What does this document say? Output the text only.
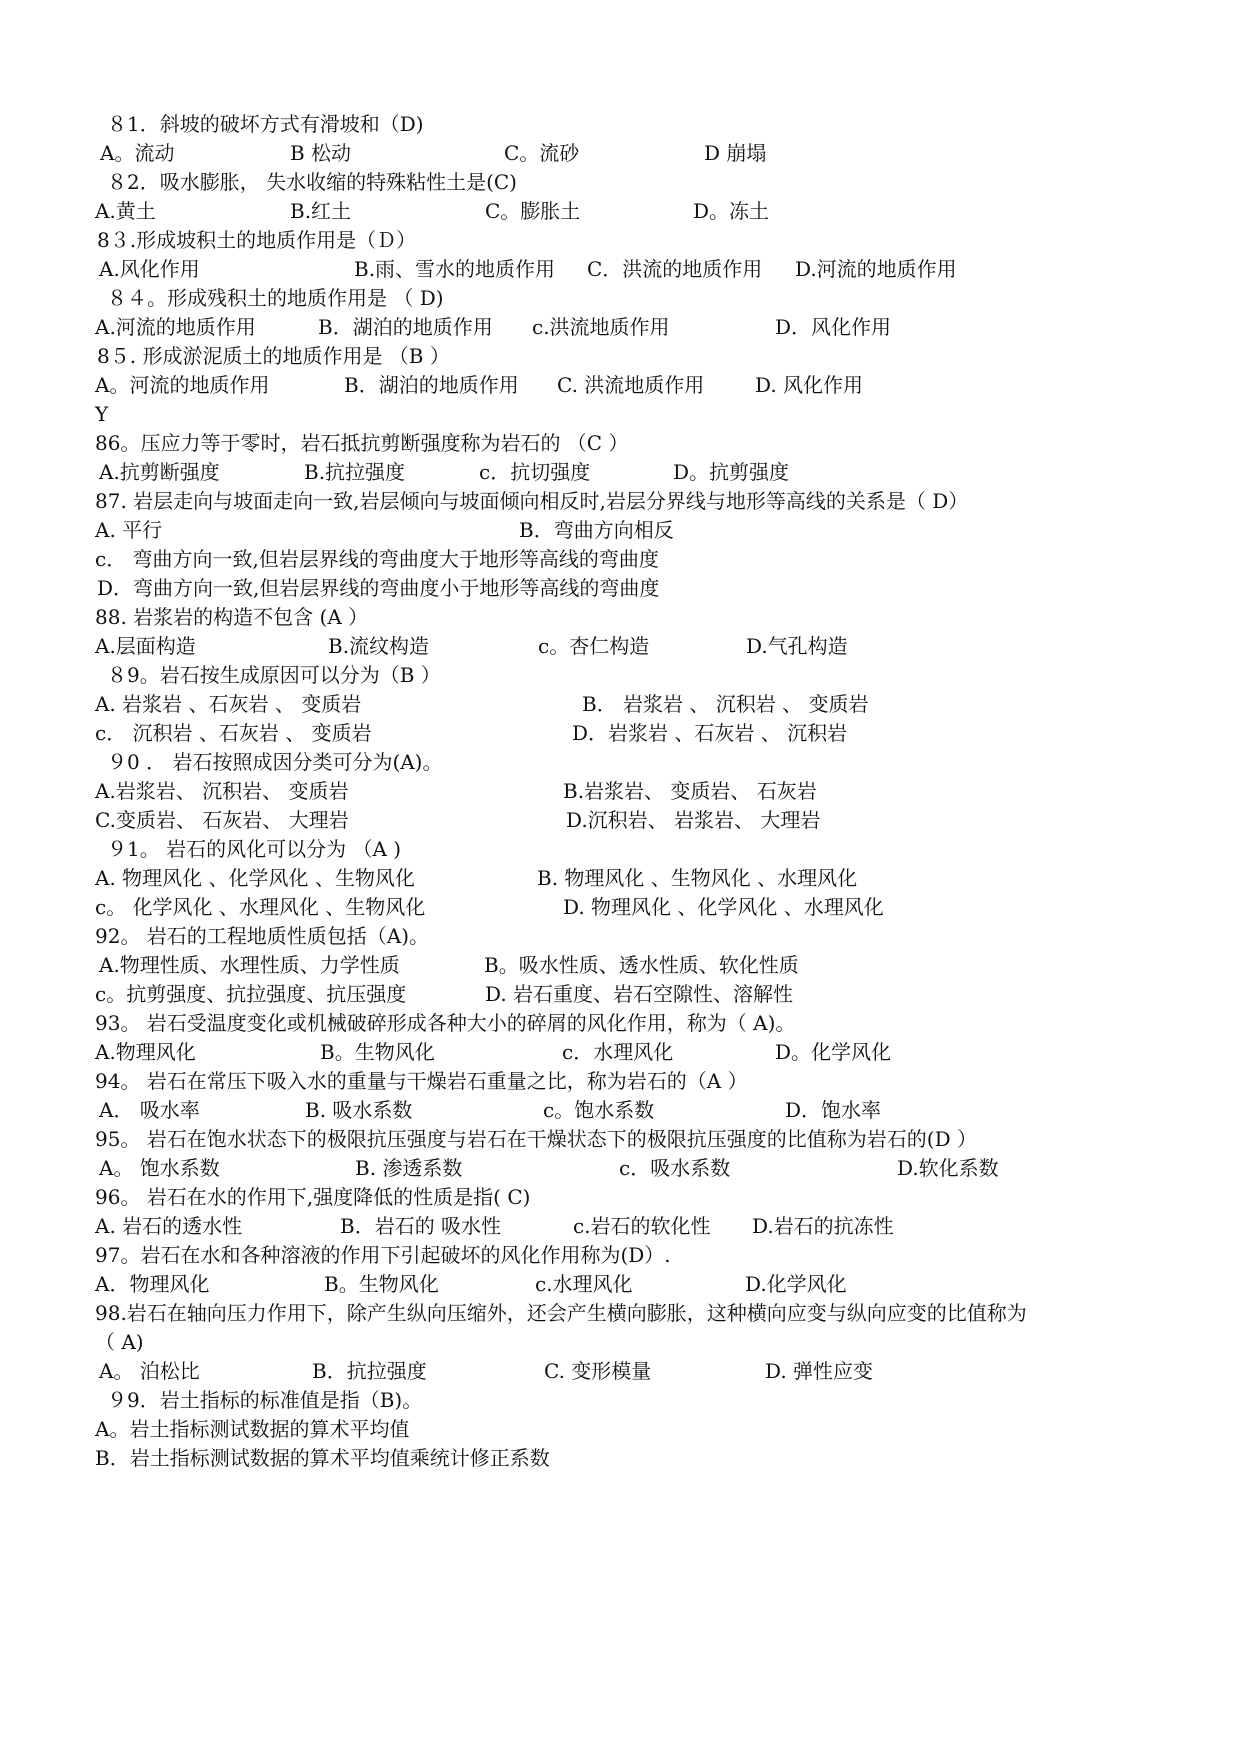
８1．斜坡的破坏方式有滑坡和（D)
A。流动	B 松动	C。流砂	D 崩塌
８2．吸水膨胀， 失水收缩的特殊粘性土是(C)
A.黄土	B.红土	C。膨胀土	D。冻土
8３.形成坡积土的地质作用是（Ｄ）
A.风化作用	B.雨、雪水的地质作用 C．洪流的地质作用 D.河流的地质作用
８４。形成残积土的地质作用是 （ D)
A.河流的地质作用	B．湖泊的地质作用 c.洪流地质作用	D．风化作用
8５. 形成淤泥质土的地质作用是 （B ）
A。河流的地质作用	B．湖泊的地质作用 C. 洪流地质作用	D. 风化作用
Y
86。压应力等于零时，岩石抵抗剪断强度称为岩石的 （C ）
A.抗剪断强度	B.抗拉强度	c．抗切强度	D。抗剪强度
87. 岩层走向与坡面走向一致,岩层倾向与坡面倾向相反时,岩层分界线与地形等高线的关系是（ D）
A. 平行	B．弯曲方向相反
c． 弯曲方向一致,但岩层界线的弯曲度大于地形等高线的弯曲度
D．弯曲方向一致,但岩层界线的弯曲度小于地形等高线的弯曲度
88. 岩浆岩的构造不包含 (A ）
A.层面构造	B.流纹构造	c。杏仁构造	D.气孔构造
８9。岩石按生成原因可以分为（B ）
A. 岩浆岩 、石灰岩 、 变质岩	B． 岩浆岩 、 沉积岩 、 变质岩
c． 沉积岩 、石灰岩 、 变质岩	D．岩浆岩 、石灰岩 、 沉积岩
９0 ． 岩石按照成因分类可分为(A)。
A.岩浆岩、 沉积岩、 变质岩	B.岩浆岩、 变质岩、 石灰岩
C.变质岩、 石灰岩、 大理岩	D.沉积岩、 岩浆岩、 大理岩
９1。 岩石的风化可以分为 （A )
A. 物理风化 、化学风化 、生物风化	B. 物理风化 、生物风化 、水理风化
c。 化学风化 、水理风化 、生物风化	D. 物理风化 、化学风化 、水理风化
92。 岩石的工程地质性质包括（A)。
A.物理性质、水理性质、力学性质	B。吸水性质、透水性质、软化性质
c。抗剪强度、抗拉强度、抗压强度	D. 岩石重度、岩石空隙性、溶解性
93。 岩石受温度变化或机械破碎形成各种大小的碎屑的风化作用，称为（ A)。
A.物理风化	B。生物风化	c．水理风化	D。化学风化
94。 岩石在常压下吸入水的重量与干燥岩石重量之比，称为岩石的（A ）
A． 吸水率	B. 吸水系数	c。饱水系数	D．饱水率
95。 岩石在饱水状态下的极限抗压强度与岩石在干燥状态下的极限抗压强度的比值称为岩石的(D ）
A。 饱水系数	B. 渗透系数	c．吸水系数	D.软化系数
96。 岩石在水的作用下,强度降低的性质是指( C)
A. 岩石的透水性	B．岩石的 吸水性	c.岩石的软化性 D.岩石的抗冻性
97。岩石在水和各种溶液的作用下引起破坏的风化作用称为(D）.
A．物理风化	B。生物风化	c.水理风化	D.化学风化
98.岩石在轴向压力作用下，除产生纵向压缩外，还会产生横向膨胀，这种横向应变与纵向应变的比值称为
（ A)
A。 泊松比	B．抗拉强度	C. 变形模量	D. 弹性应变
９9．岩土指标的标准值是指（B)。
A。岩土指标测试数据的算术平均值
B．岩土指标测试数据的算术平均值乘统计修正系数
